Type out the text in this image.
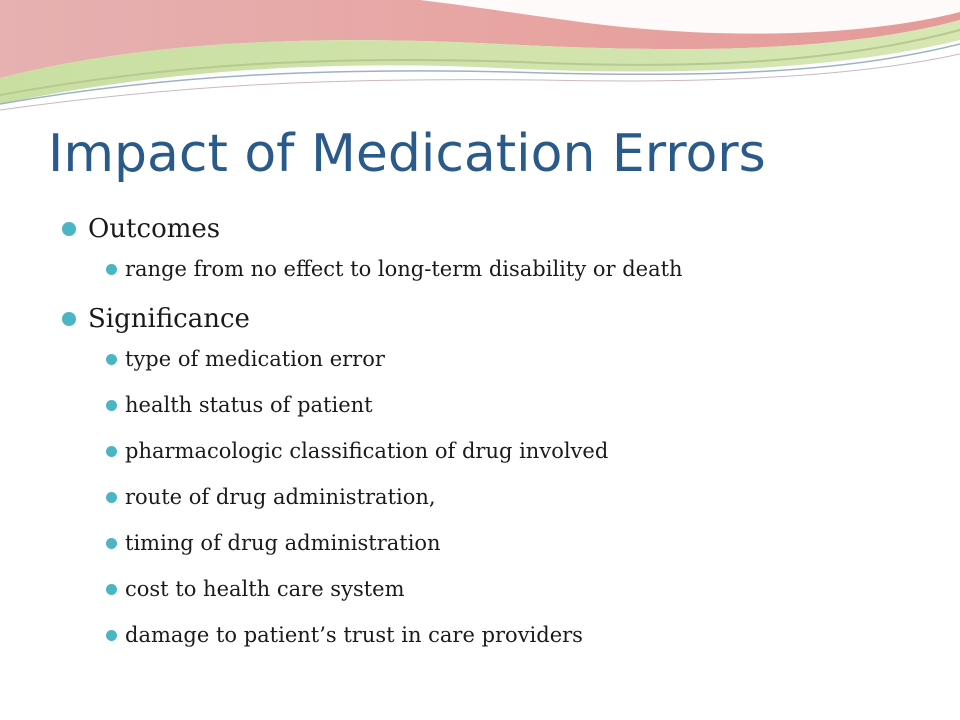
Impact of Medication Errors
Outcomes
range from no effect to long-term disability or death
Significance
type of medication error
health status of patient
pharmacologic classification of drug involved
route of drug administration,
timing of drug administration
cost to health care system
damage to patient’s trust in care providers
